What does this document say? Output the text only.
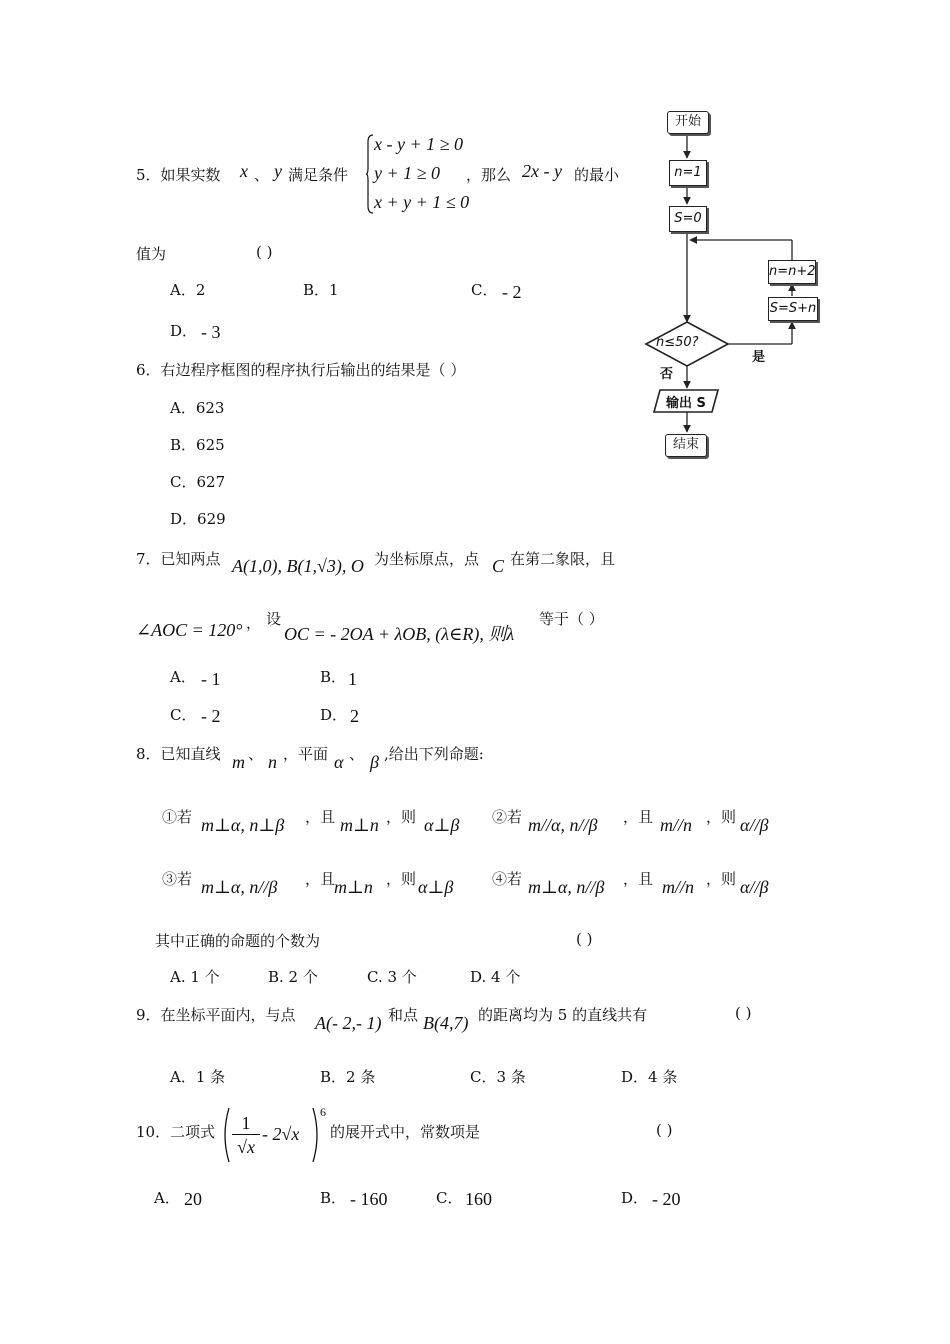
5．如果实数 x 、 y 满足条件
x - y + 1 ≥ 0
y + 1 ≥ 0
x + y + 1 ≤ 0
，那么 2x - y 的最小
值为	( )
A．2	B．1	C． - 2
D． - 3
6．右边程序框图的程序执行后输出的结果是（ ）
A．623
B．625
C．627
D．629
开始
n=1
S=0
n≤50?
是
否
n=n+2
S=S+n
输出 S
结束
7．已知两点 A(1,0), B(1,√3), O 为坐标原点，点 C 在第二象限，且
∠AOC = 120° ， 设
OC = - 2OA + λOB, (λ∈R), 则λ
等于（ ）
A． - 1	B． 1
C． - 2	D． 2
8．已知直线 m 、 n ，平面 α 、 β ,给出下列命题:
①若 m⊥α, n⊥β ，且 m⊥n ，则 α⊥β ②若 m//α, n//β ，且 m//n ，则 α//β
③若 m⊥α, n//β ，且
m⊥n ，则 α⊥β	④若 m⊥α, n//β ，且 m//n ，则 α//β
其中正确的命题的个数为	( )
A. 1 个	B. 2 个	C. 3 个	D. 4 个
9．在坐标平面内，与点 A(- 2,- 1) 和点 B(4,7) 的距离均为 5 的直线共有	( )
A．1 条	B．2 条	C．3 条	D．4 条
10．二项式 $\frac{1}{√x} - 2√x$
6
的展开式中，常数项是	( )
A． 20	B． - 160	C． 160	D． - 20
